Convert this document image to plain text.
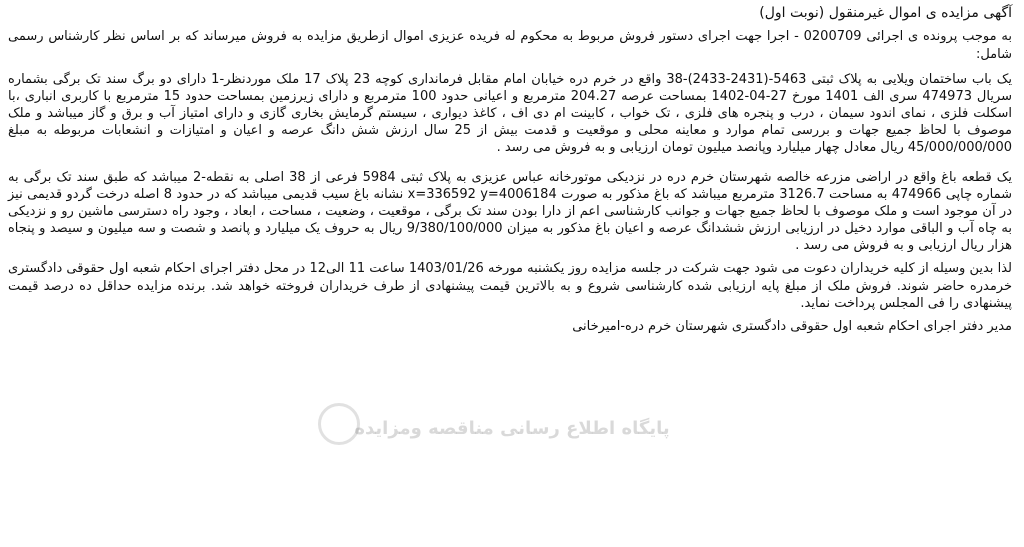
آگهی مزایده ی اموال غیرمنقول (نوبت اول)
به موجب پرونده ی اجرائی 0200709 - اجرا جهت اجرای دستور فروش مربوط به محکوم له فریده عزیزی اموال ازطریق مزایده به فروش میرساند که بر اساس نظر کارشناس رسمی شامل:
یک باب ساختمان ویلایی به پلاک ثبتی 5463-(2431-2433)-38 واقع در خرم دره خیابان امام مقابل فرمانداری کوچه 23 پلاک 17 ملک موردنظر-1 دارای دو برگ سند تک برگی بشماره سریال 474973 سری الف 1401 مورخ 27-04-1402 بمساحت عرصه 204.27 مترمربع و اعیانی حدود 100 مترمربع و دارای زیرزمین بمساحت حدود 15 مترمربع با کاربری انباری ،با اسکلت فلزی ، نمای اندود سیمان ، درب و پنجره های فلزی ، تک خواب ، کابینت ام دی اف ، کاغذ دیواری ، سیستم گرمایش بخاری گازی و دارای امتیاز آب و برق و گاز میباشد و ملک موصوف با لحاظ جمیع جهات و بررسی تمام موارد و معاینه محلی و موقعیت و قدمت بیش از 25 سال ارزش شش دانگ عرصه و اعیان و امتیازات و انشعابات مربوطه به مبلغ 45/000/000/000 ریال معادل چهار میلیارد وپانصد میلیون تومان ارزیابی و به فروش می رسد .
یک قطعه باغ واقع در اراضی مزرعه خالصه شهرستان خرم دره در نزدیکی موتورخانه عباس عزیزی به پلاک ثبتی 5984 فرعی از 38 اصلی به نقطه-2 میباشد که طبق سند تک برگی به شماره چاپی 474966 به مساحت 3126.7 مترمربع میباشد که باغ مذکور به صورت x=336592 y=4006184 نشانه باغ سیب قدیمی میباشد که در حدود 8 اصله درخت گردو قدیمی نیز در آن موجود است و ملک موصوف با لحاظ جمیع جهات و جوانب کارشناسی اعم از دارا بودن سند تک برگی ، موقعیت ، وضعیت ، مساحت ، ابعاد ، وجود راه دسترسی ماشین رو و نزدیکی به چاه آب و الباقی موارد دخیل در ارزیابی ارزش ششدانگ عرصه و اعیان باغ مذکور به میزان 9/380/100/000 ریال به حروف یک میلیارد و پانصد و شصت و سه میلیون و سیصد و پنجاه هزار ریال ارزیابی و به فروش می رسد .
لذا بدین وسیله از کلیه خریداران دعوت می شود جهت شرکت در جلسه مزایده روز یکشنبه مورخه 1403/01/26 ساعت 11 الی12 در محل دفتر اجرای احکام شعبه اول حقوقی دادگستری خرمدره حاضر شوند. فروش ملک از مبلغ پایه ارزیابی شده کارشناسی شروع و به بالاترین قیمت پیشنهادی از طرف خریداران فروخته خواهد شد. برنده مزایده حداقل ده درصد قیمت پیشنهادی را فی المجلس پرداخت نماید.
مدیر دفتر اجرای احکام شعبه اول حقوقی دادگستری شهرستان خرم دره-امیرخانی
پایگاه اطلاع رسانی مناقصه ومزایده
